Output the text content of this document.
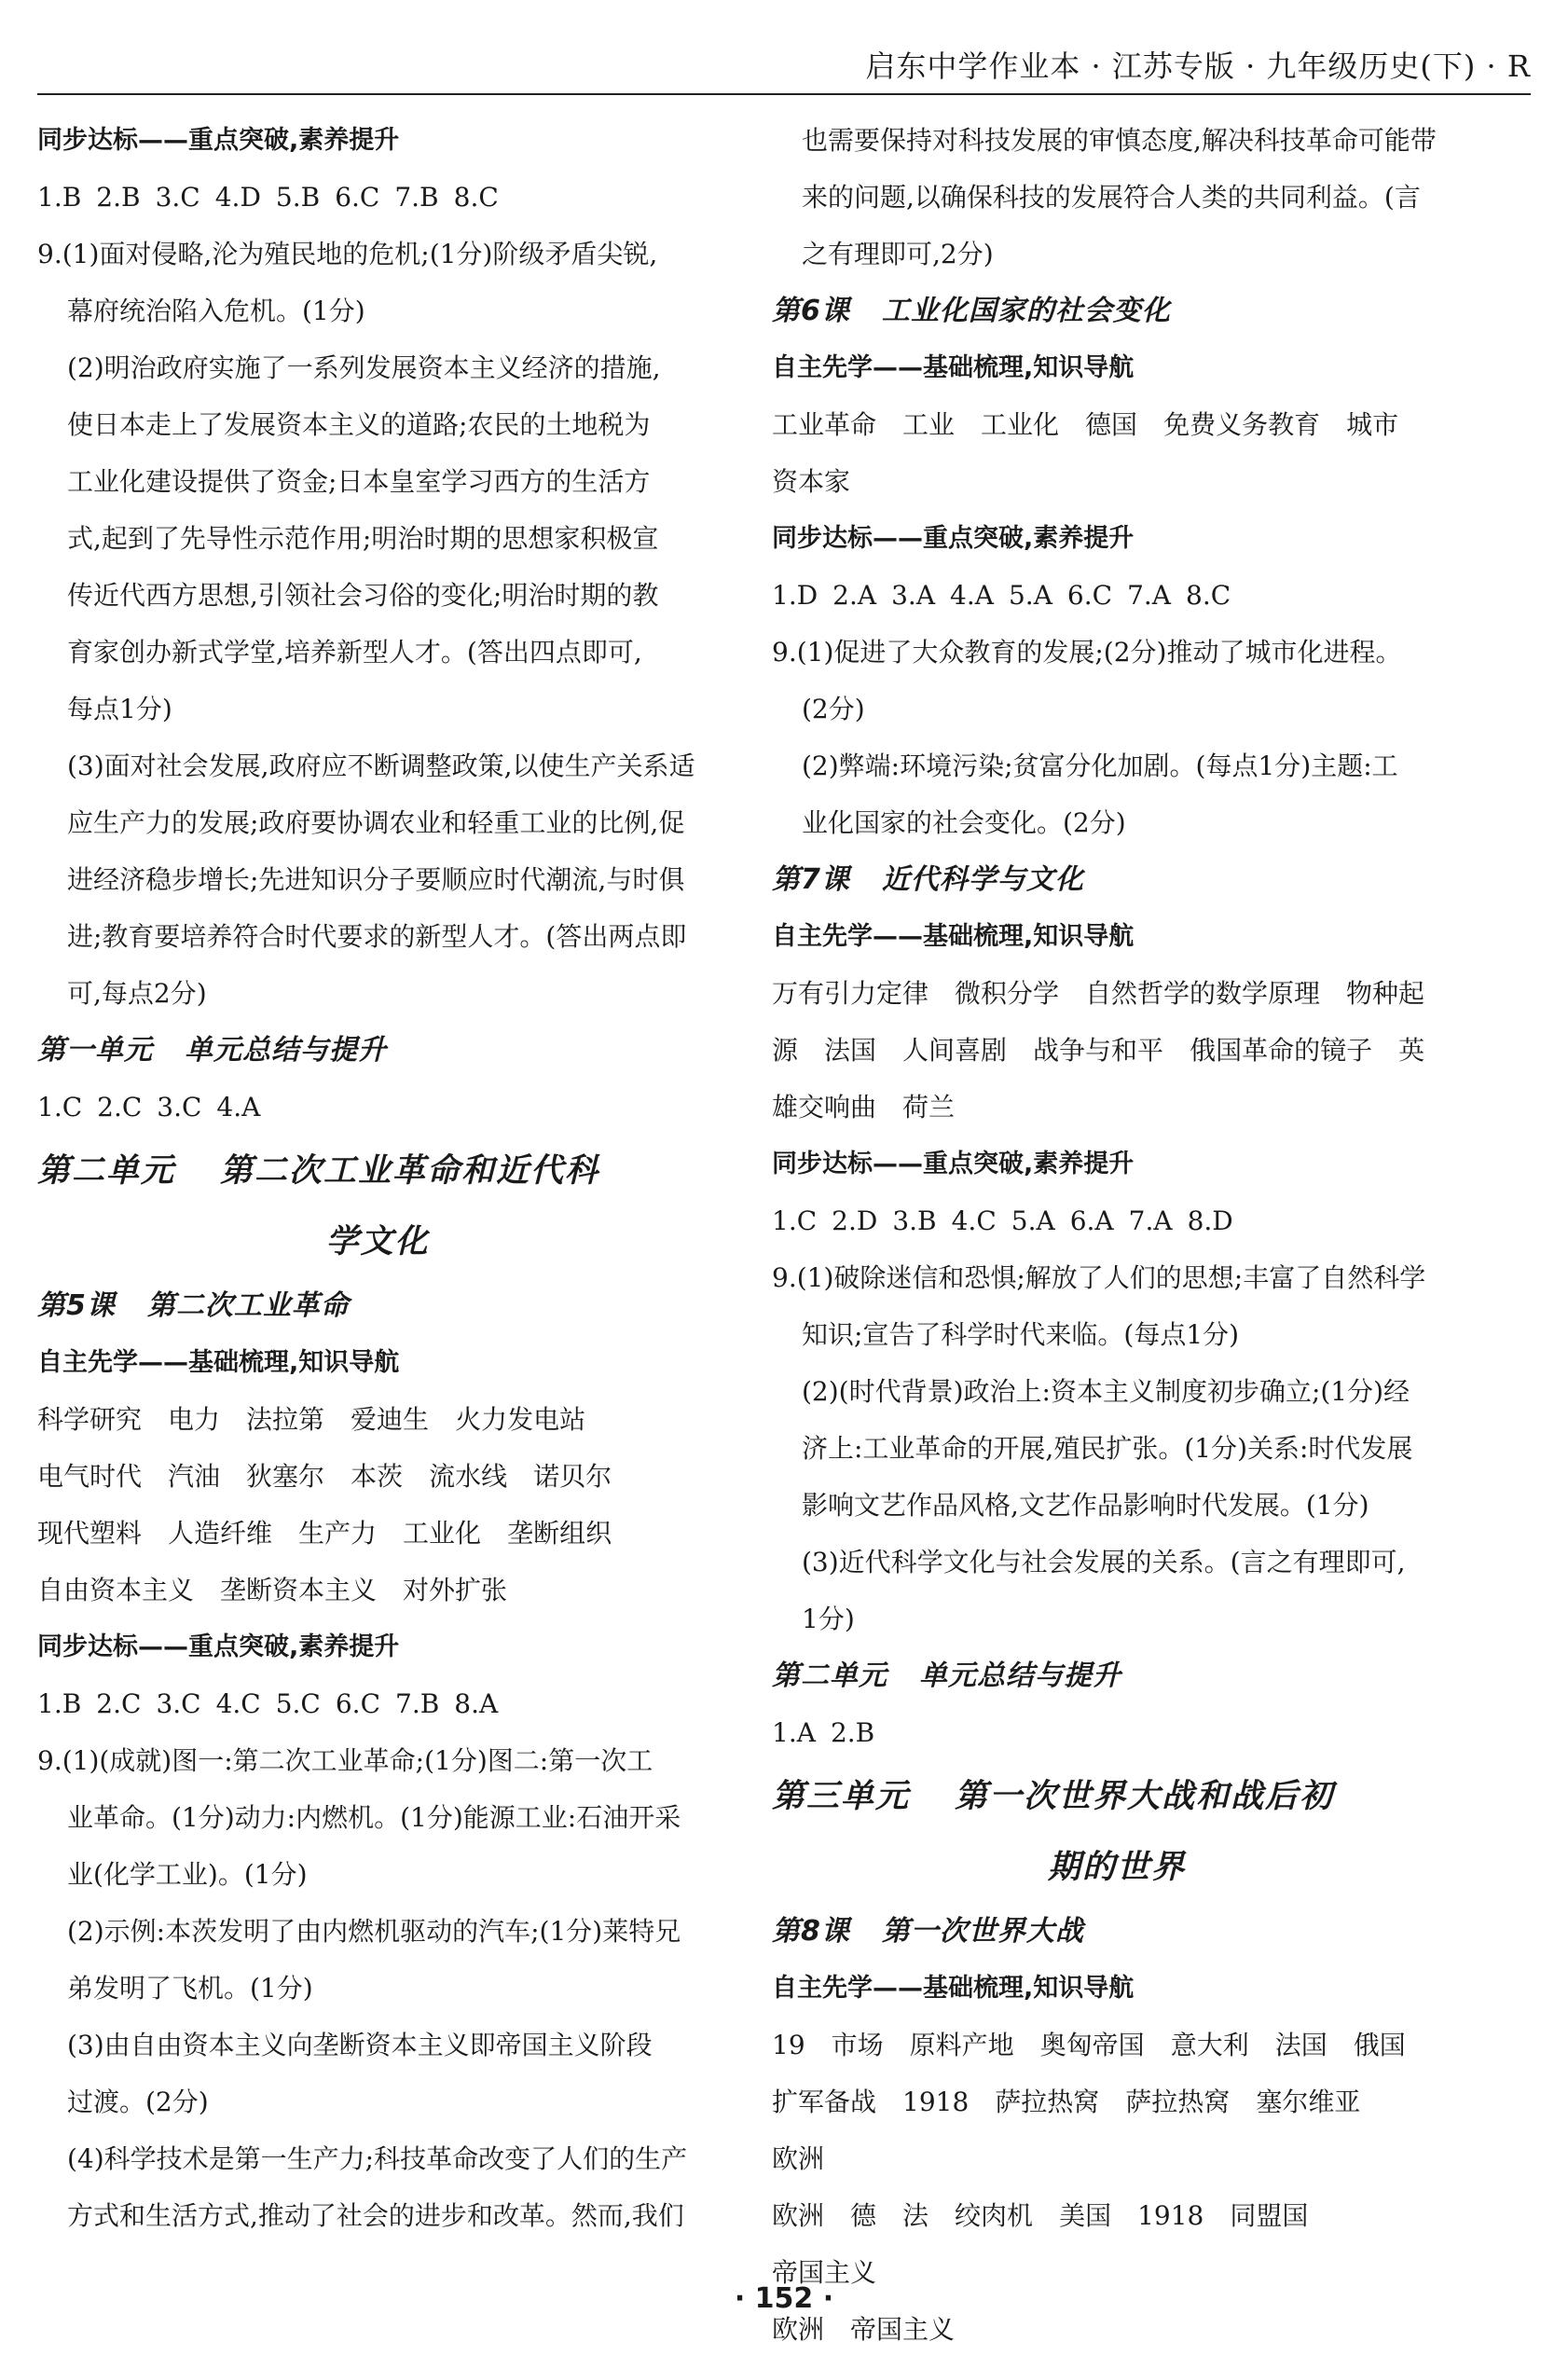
启东中学作业本 · 江苏专版 · 九年级历史(下) · R

同步达标——重点突破,素养提升

1.B 2.B 3.C 4.D 5.B 6.C 7.B 8.C

9.(1)面对侵略,沦为殖民地的危机;(1分)阶级矛盾尖锐,

幕府统治陷入危机。(1分)

(2)明治政府实施了一系列发展资本主义经济的措施,

使日本走上了发展资本主义的道路;农民的土地税为

工业化建设提供了资金;日本皇室学习西方的生活方

式,起到了先导性示范作用;明治时期的思想家积极宣

传近代西方思想,引领社会习俗的变化;明治时期的教

育家创办新式学堂,培养新型人才。(答出四点即可,

每点1分)

(3)面对社会发展,政府应不断调整政策,以使生产关系适

应生产力的发展;政府要协调农业和轻重工业的比例,促

进经济稳步增长;先进知识分子要顺应时代潮流,与时俱

进;教育要培养符合时代要求的新型人才。(答出两点即

可,每点2分)

第一单元 单元总结与提升

1.C 2.C 3.C 4.A

第二单元 第二次工业革命和近代科

学文化

第5课 第二次工业革命

自主先学——基础梳理,知识导航

科学研究 电力 法拉第 爱迪生 火力发电站

电气时代 汽油 狄塞尔 本茨 流水线 诺贝尔

现代塑料 人造纤维 生产力 工业化 垄断组织

自由资本主义 垄断资本主义 对外扩张

同步达标——重点突破,素养提升

1.B 2.C 3.C 4.C 5.C 6.C 7.B 8.A

9.(1)(成就)图一:第二次工业革命;(1分)图二:第一次工

业革命。(1分)动力:内燃机。(1分)能源工业:石油开采

业(化学工业)。(1分)

(2)示例:本茨发明了由内燃机驱动的汽车;(1分)莱特兄

弟发明了飞机。(1分)

(3)由自由资本主义向垄断资本主义即帝国主义阶段

过渡。(2分)

(4)科学技术是第一生产力;科技革命改变了人们的生产

方式和生活方式,推动了社会的进步和改革。然而,我们

也需要保持对科技发展的审慎态度,解决科技革命可能带

来的问题,以确保科技的发展符合人类的共同利益。(言

之有理即可,2分)

第6课 工业化国家的社会变化

自主先学——基础梳理,知识导航

工业革命 工业 工业化 德国 免费义务教育 城市

资本家

同步达标——重点突破,素养提升

1.D 2.A 3.A 4.A 5.A 6.C 7.A 8.C

9.(1)促进了大众教育的发展;(2分)推动了城市化进程。

(2分)

(2)弊端:环境污染;贫富分化加剧。(每点1分)主题:工

业化国家的社会变化。(2分)

第7课 近代科学与文化

自主先学——基础梳理,知识导航

万有引力定律 微积分学 自然哲学的数学原理 物种起

源 法国 人间喜剧 战争与和平 俄国革命的镜子 英

雄交响曲 荷兰

同步达标——重点突破,素养提升

1.C 2.D 3.B 4.C 5.A 6.A 7.A 8.D

9.(1)破除迷信和恐惧;解放了人们的思想;丰富了自然科学

知识;宣告了科学时代来临。(每点1分)

(2)(时代背景)政治上:资本主义制度初步确立;(1分)经

济上:工业革命的开展,殖民扩张。(1分)关系:时代发展

影响文艺作品风格,文艺作品影响时代发展。(1分)

(3)近代科学文化与社会发展的关系。(言之有理即可,

1分)

第二单元 单元总结与提升

1.A 2.B

第三单元 第一次世界大战和战后初

期的世界

第8课 第一次世界大战

自主先学——基础梳理,知识导航

19 市场 原料产地 奥匈帝国 意大利 法国 俄国

扩军备战 1918 萨拉热窝 萨拉热窝 塞尔维亚欧洲

欧洲 德 法 绞肉机 美国 1918 同盟国帝国主义

欧洲 帝国主义

· 152 ·
